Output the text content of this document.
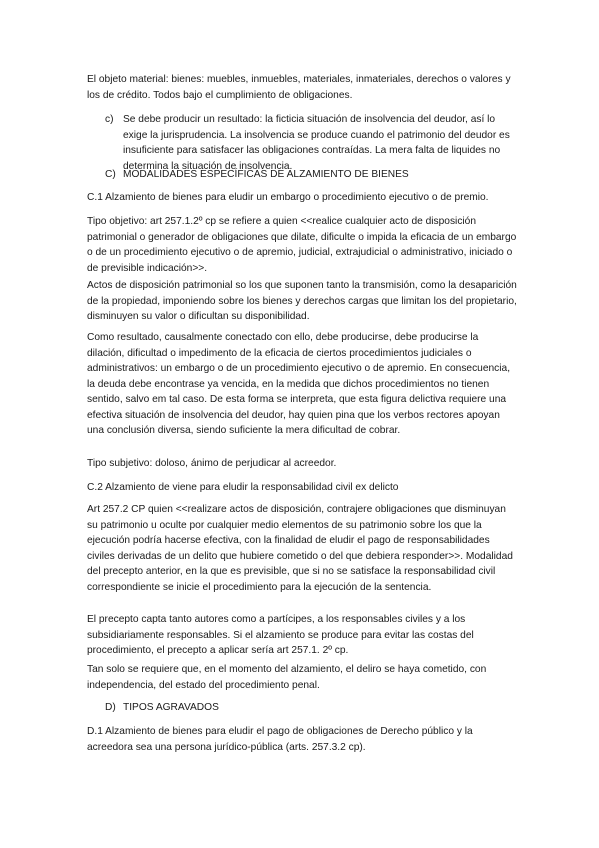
El objeto material: bienes: muebles, inmuebles, materiales, inmateriales, derechos o valores y los de crédito. Todos bajo el cumplimiento de obligaciones.

c) Se debe producir un resultado: la ficticia situación de insolvencia del deudor, así lo exige la jurisprudencia. La insolvencia se produce cuando el patrimonio del deudor es insuficiente para satisfacer las obligaciones contraídas. La mera falta de liquides no determina la situación de insolvencia.
C) MODALIDADES ESPECÍFICAS DE ALZAMIENTO DE BIENES

C.1 Alzamiento de bienes para eludir un embargo o procedimiento ejecutivo o de premio.

Tipo objetivo: art 257.1.2º cp se refiere a quien <<realice cualquier acto de disposición patrimonial o generador de obligaciones que dilate, dificulte o impida la eficacia de un embargo o de un procedimiento ejecutivo o de apremio, judicial, extrajudicial o administrativo, iniciado o de previsible indicación>>.

Actos de disposición patrimonial so los que suponen tanto la transmisión, como la desaparición de la propiedad, imponiendo sobre los bienes y derechos cargas que limitan los del propietario, disminuyen su valor o dificultan su disponibilidad.

Como resultado, causalmente conectado con ello, debe producirse, debe producirse la dilación, dificultad o impedimento de la eficacia de ciertos procedimientos judiciales o administrativos: un embargo o de un procedimiento ejecutivo o de apremio. En consecuencia, la deuda debe encontrase ya vencida, en la medida que dichos procedimientos no tienen sentido, salvo em tal caso. De esta forma se interpreta, que esta figura delictiva requiere una efectiva situación de insolvencia del deudor, hay quien pina que los verbos rectores apoyan una conclusión diversa, siendo suficiente la mera dificultad de cobrar.

Tipo subjetivo: doloso, ánimo de perjudicar al acreedor.

C.2 Alzamiento de viene para eludir la responsabilidad civil ex delicto

Art 257.2 CP quien <<realizare actos de disposición, contrajere obligaciones que disminuyan su patrimonio u oculte por cualquier medio elementos de su patrimonio sobre los que la ejecución podría hacerse efectiva, con la finalidad de eludir el pago de responsabilidades civiles derivadas de un delito que hubiere cometido o del que debiera responder>>. Modalidad del precepto anterior, en la que es previsible, que si no se satisface la responsabilidad civil correspondiente se inicie el procedimiento para la ejecución de la sentencia.

El precepto capta tanto autores como a partícipes, a los responsables civiles y a los subsidiariamente responsables. Si el alzamiento se produce para evitar las costas del procedimiento, el precepto a aplicar sería art 257.1. 2º cp.

Tan solo se requiere que, en el momento del alzamiento, el deliro se haya cometido, con independencia, del estado del procedimiento penal.

D) TIPOS AGRAVADOS

D.1 Alzamiento de bienes para eludir el pago de obligaciones de Derecho público y la acreedora sea una persona jurídico-pública (arts. 257.3.2 cp).
